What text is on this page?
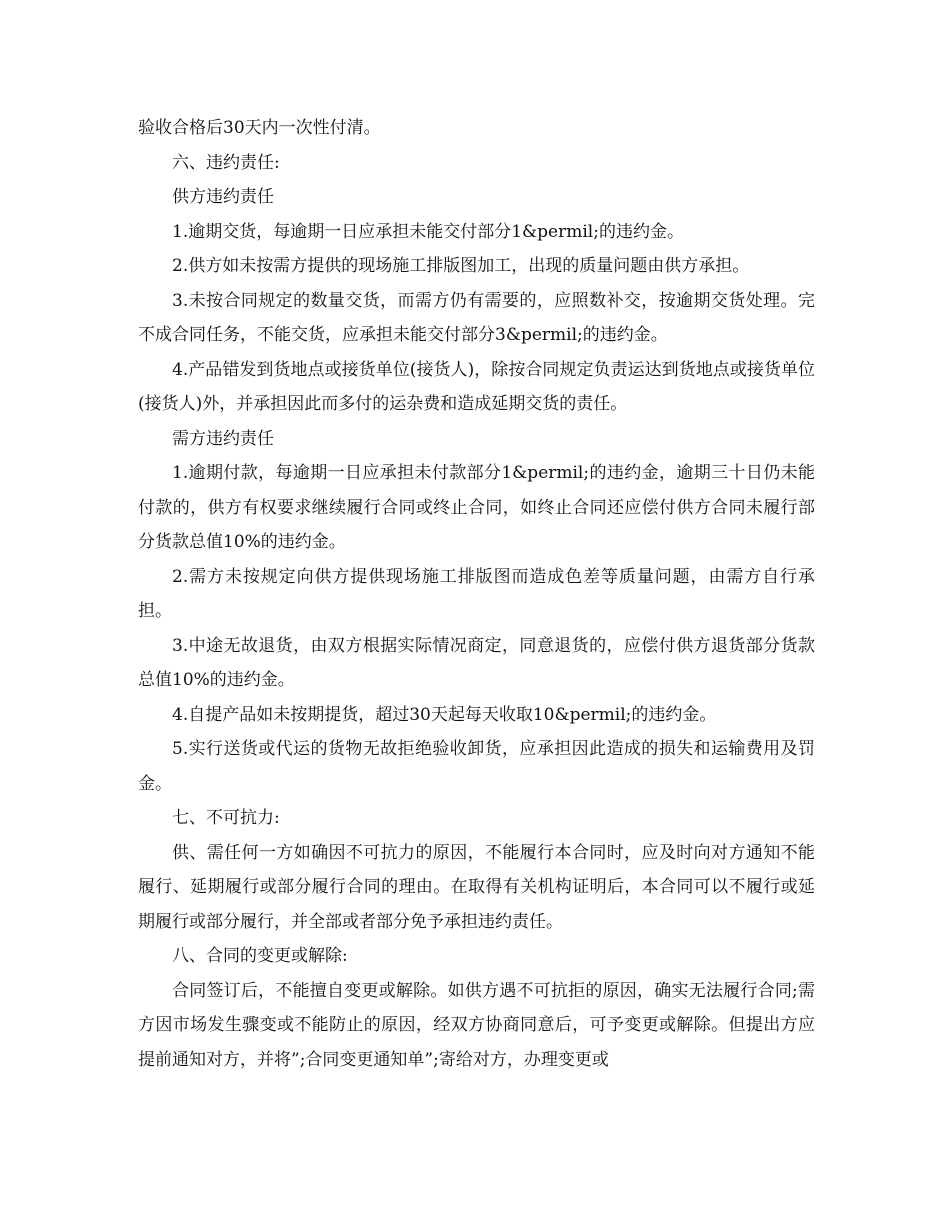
验收合格后30天内一次性付清。

六、违约责任:

供方违约责任

1.逾期交货，每逾期一日应承担未能交付部分1&permil;的违约金。

2.供方如未按需方提供的现场施工排版图加工，出现的质量问题由供方承担。

3.未按合同规定的数量交货，而需方仍有需要的，应照数补交，按逾期交货处理。完不成合同任务，不能交货，应承担未能交付部分3&permil;的违约金。

4.产品错发到货地点或接货单位(接货人)，除按合同规定负责运达到货地点或接货单位(接货人)外，并承担因此而多付的运杂费和造成延期交货的责任。

需方违约责任

1.逾期付款，每逾期一日应承担未付款部分1&permil;的违约金，逾期三十日仍未能付款的，供方有权要求继续履行合同或终止合同，如终止合同还应偿付供方合同未履行部分货款总值10%的违约金。

2.需方未按规定向供方提供现场施工排版图而造成色差等质量问题，由需方自行承担。

3.中途无故退货，由双方根据实际情况商定，同意退货的，应偿付供方退货部分货款总值10%的违约金。

4.自提产品如未按期提货，超过30天起每天收取10&permil;的违约金。

5.实行送货或代运的货物无故拒绝验收卸货，应承担因此造成的损失和运输费用及罚金。

七、不可抗力:

供、需任何一方如确因不可抗力的原因，不能履行本合同时，应及时向对方通知不能履行、延期履行或部分履行合同的理由。在取得有关机构证明后，本合同可以不履行或延期履行或部分履行，并全部或者部分免予承担违约责任。

八、合同的变更或解除:

合同签订后，不能擅自变更或解除。如供方遇不可抗拒的原因，确实无法履行合同;需方因市场发生骤变或不能防止的原因，经双方协商同意后，可予变更或解除。但提出方应提前通知对方，并将”;合同变更通知单”;寄给对方，办理变更或
